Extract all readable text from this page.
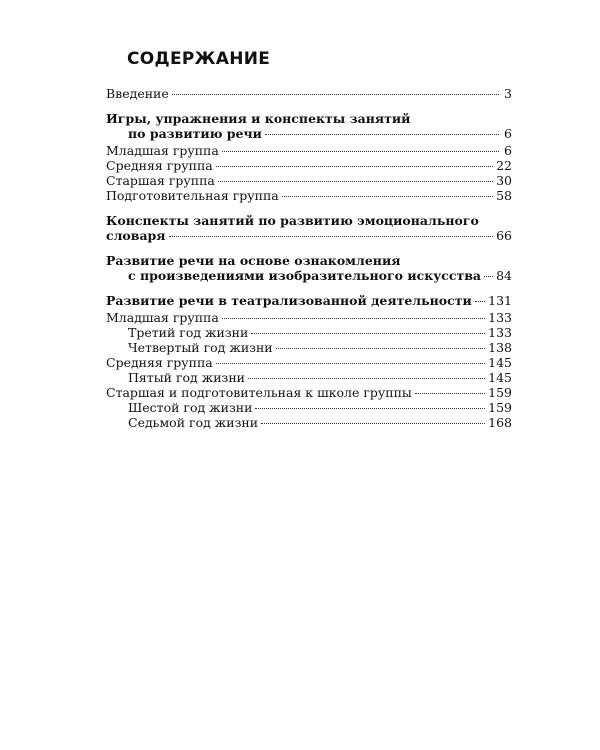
СОДЕРЖАНИЕ
Введение	3
Игры, упражнения и конспекты занятий
по развитию речи	6
Младшая группа	6
Средняя группа	22
Старшая группа	30
Подготовительная группа	58
Конспекты занятий по развитию эмоционального
словаря	66
Развитие речи на основе ознакомления
с произведениями изобразительного искусства 84
Развитие речи в театрализованной деятельности 131
Младшая группа	133
Третий год жизни	133
Четвертый год жизни	138
Средняя группа	145
Пятый год жизни	145
Старшая и подготовительная к школе группы	159
Шестой год жизни	159
Седьмой год жизни	168
